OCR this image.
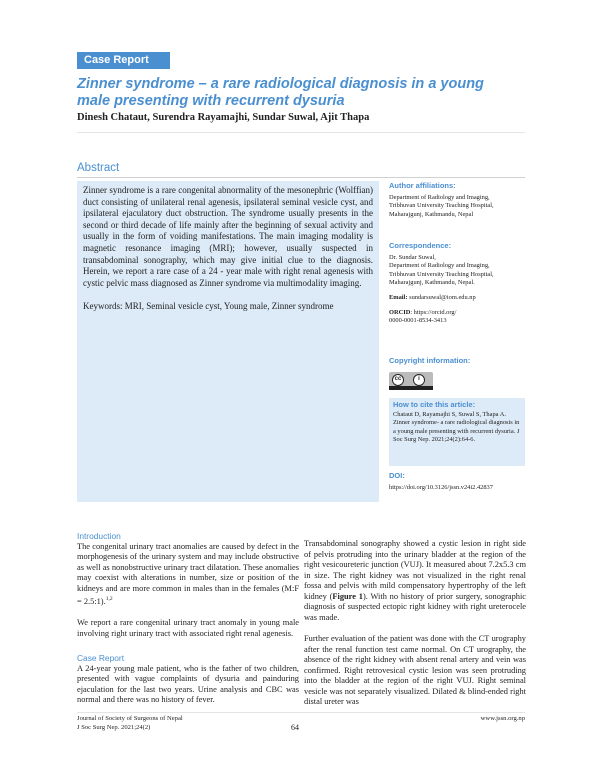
Case Report
Zinner syndrome – a rare radiological diagnosis in a young male presenting with recurrent dysuria
Dinesh Chataut, Surendra Rayamajhi, Sundar Suwal, Ajit Thapa
Abstract

Zinner syndrome is a rare congenital abnormality of the mesonephric (Wolffian) duct consisting of unilateral renal agenesis, ipsilateral seminal vesicle cyst, and ipsilateral ejaculatory duct obstruction. The syndrome usually presents in the second or third decade of life mainly after the beginning of sexual activity and usually in the form of voiding manifestations. The main imaging modality is magnetic resonance imaging (MRI); however, usually suspected in transabdominal sonography, which may give initial clue to the diagnosis. Herein, we report a rare case of a 24 - year male with right renal agenesis with cystic pelvic mass diagnosed as Zinner syndrome via multimodality imaging.

Keywords: MRI, Seminal vesicle cyst, Young male, Zinner syndrome

Author affiliations:
Department of Radiology and Imaging,
Tribhuvan University Teaching Hospital,
Maharajgunj, Kathmandu, Nepal
Correspondence:
Dr. Sundar Suwal,
Department of Radiology and Imaging,
Tribhuvan University Teaching Hospital,
Maharajgunj, Kathmandu, Nepal.
Email: sundarsuwal@iom.edu.np
ORCID: https://orcid.org/
0000-0001-8534-3413
Copyright information:
cc	i
How to cite this article:
Chataut D, Rayamajhi S, Suwal S, Thapa A. Zinner syndrome- a rare radiological diagnosis in a young male presenting with recurrent dysuria. J Soc Surg Nep. 2021;24(2):64-6.
DOI:
https://doi.org/10.3126/jssn.v24i2.42837
Introduction

The congenital urinary tract anomalies are caused by defect in the morphogenesis of the urinary system and may include obstructive as well as nonobstructive urinary tract dilatation. These anomalies may coexist with alterations in number, size or position of the kidneys and are more common in males than in the females (M:F = 2.5:1).$^{1,2}$

We report a rare congenital urinary tract anomaly in young male involving right urinary tract with associated right renal agenesis.

Case Report

A 24-year young male patient, who is the father of two children, presented with vague complaints of dysuria and painduring ejaculation for the last two years. Urine analysis and CBC was normal and there was no history of fever.

Transabdominal sonography showed a cystic lesion in right side of pelvis protruding into the urinary bladder at the region of the right vesicoureteric junction (VUJ). It measured about 7.2x5.3 cm in size. The right kidney was not visualized in the right renal fossa and pelvis with mild compensatory hypertrophy of the left kidney (Figure 1). With no history of prior surgery, sonographic diagnosis of suspected ectopic right kidney with right ureterocele was made.

Further evaluation of the patient was done with the CT urography after the renal function test came normal. On CT urography, the absence of the right kidney with absent renal artery and vein was confirmed. Right retrovesical cystic lesion was seen protruding into the bladder at the region of the right VUJ. Right seminal vesicle was not separately visualized. Dilated & blind-ended right distal ureter was

Journal of Society of Surgeons of Nepal
J Soc Surg Nep. 2021;24(2)	64
www.jssn.org.np
